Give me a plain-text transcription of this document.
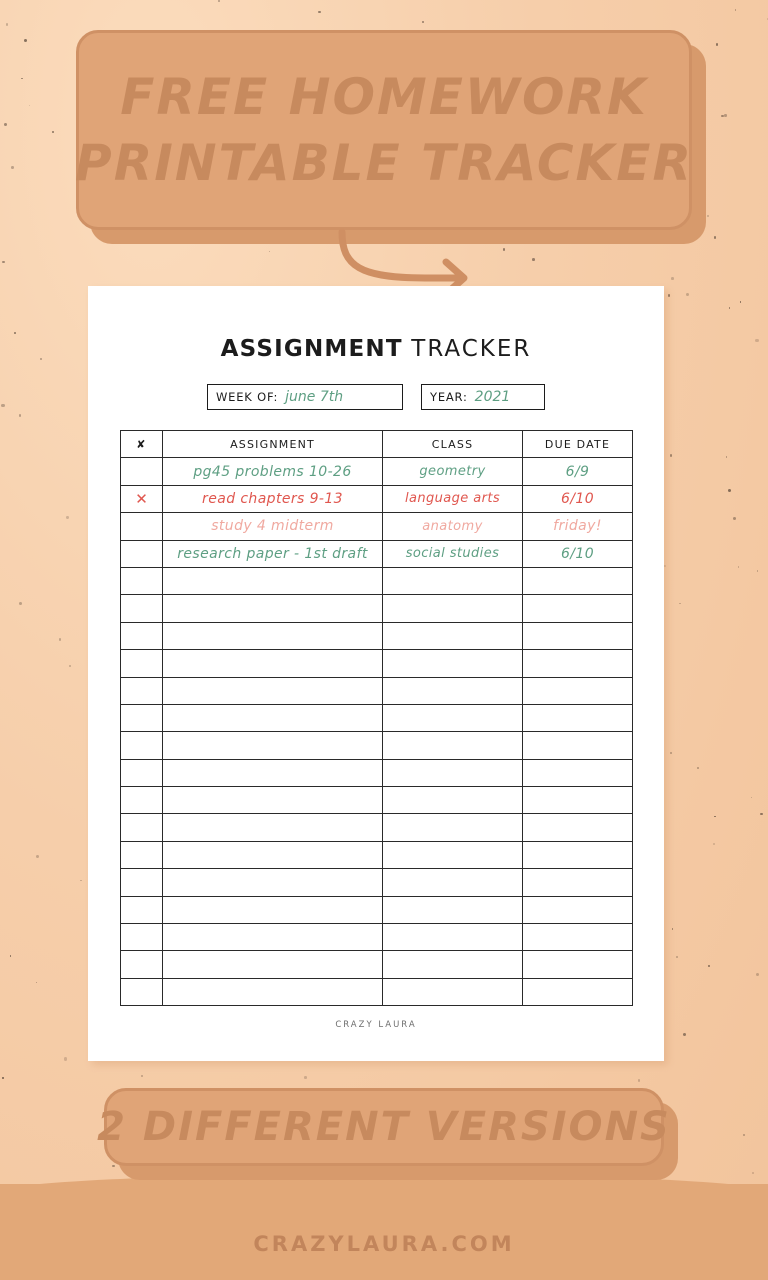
FREE HOMEWORK
PRINTABLE TRACKER
ASSIGNMENT TRACKER
WEEK OF: june 7th	YEAR: 2021
✘	ASSIGNMENT	CLASS	DUE DATE
	pg45 problems 10-26	geometry	6/9
✕	read chapters 9-13	language arts	6/10
	study 4 midterm	anatomy	friday!
	research paper - 1st draft	social studies	6/10

CRAZY LAURA
2 DIFFERENT VERSIONS
CRAZYLAURA.COM
